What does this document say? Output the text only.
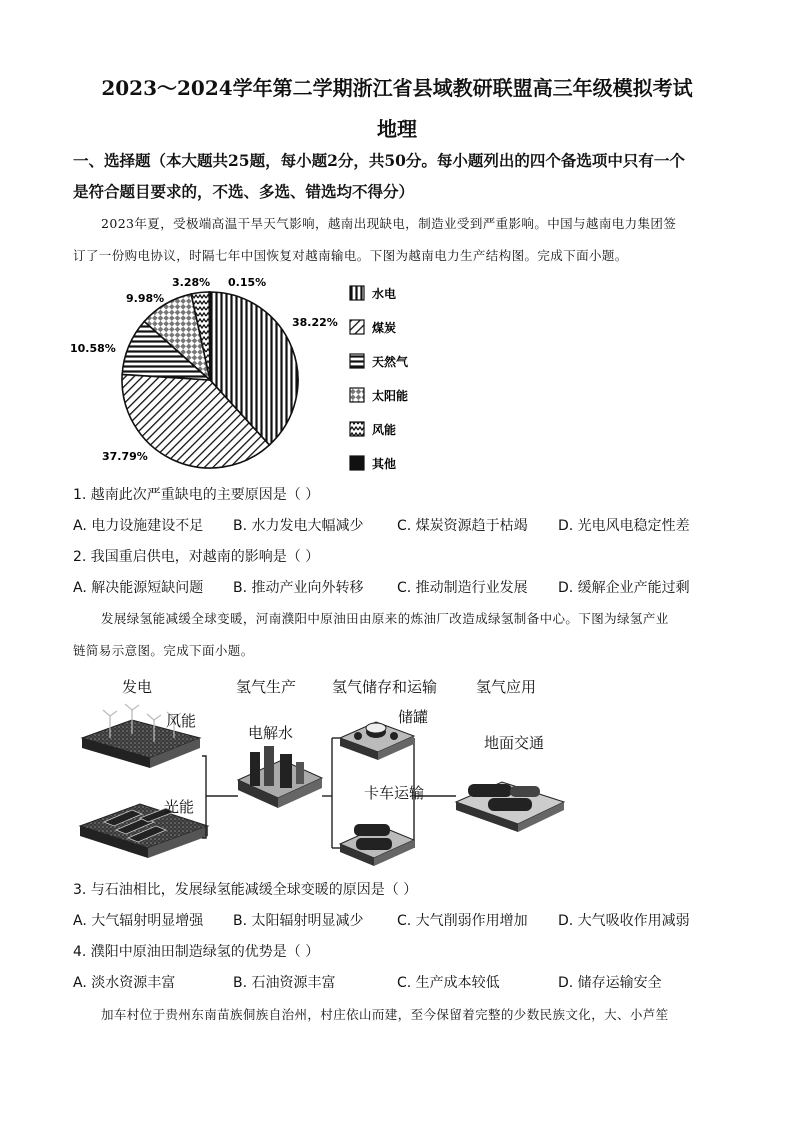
2023～2024学年第二学期浙江省县域教研联盟高三年级模拟考试
地理
一、选择题（本大题共25题，每小题2分，共50分。每小题列出的四个备选项中只有一个
是符合题目要求的，不选、多选、错选均不得分）
2023年夏，受极端高温干旱天气影响，越南出现缺电，制造业受到严重影响。中国与越南电力集团签
订了一份购电协议，时隔七年中国恢复对越南输电。下图为越南电力生产结构图。完成下面小题。
38.22%
37.79%
10.58%
9.98%
3.28% 0.15%
水电
煤炭
天然气
太阳能
风能
其他
1. 越南此次严重缺电的主要原因是（ ）
A. 电力设施建设不足 B. 水力发电大幅减少 C. 煤炭资源趋于枯竭 D. 光电风电稳定性差
2. 我国重启供电，对越南的影响是（ ）
A. 解决能源短缺问题 B. 推动产业向外转移 C. 推动制造行业发展 D. 缓解企业产能过剩
发展绿氢能减缓全球变暖，河南濮阳中原油田由原来的炼油厂改造成绿氢制备中心。下图为绿氢产业
链简易示意图。完成下面小题。
发电	氢气生产 氢气储存和运输	氢气应用
风能
光能
电解水
储罐
卡车运输
地面交通
3. 与石油相比，发展绿氢能减缓全球变暖的原因是（ ）
A. 大气辐射明显增强 B. 太阳辐射明显减少 C. 大气削弱作用增加 D. 大气吸收作用减弱
4. 濮阳中原油田制造绿氢的优势是（ ）
A. 淡水资源丰富	B. 石油资源丰富	C. 生产成本较低	D. 储存运输安全
加车村位于贵州东南苗族侗族自治州，村庄依山而建，至今保留着完整的少数民族文化，大、小芦笙
